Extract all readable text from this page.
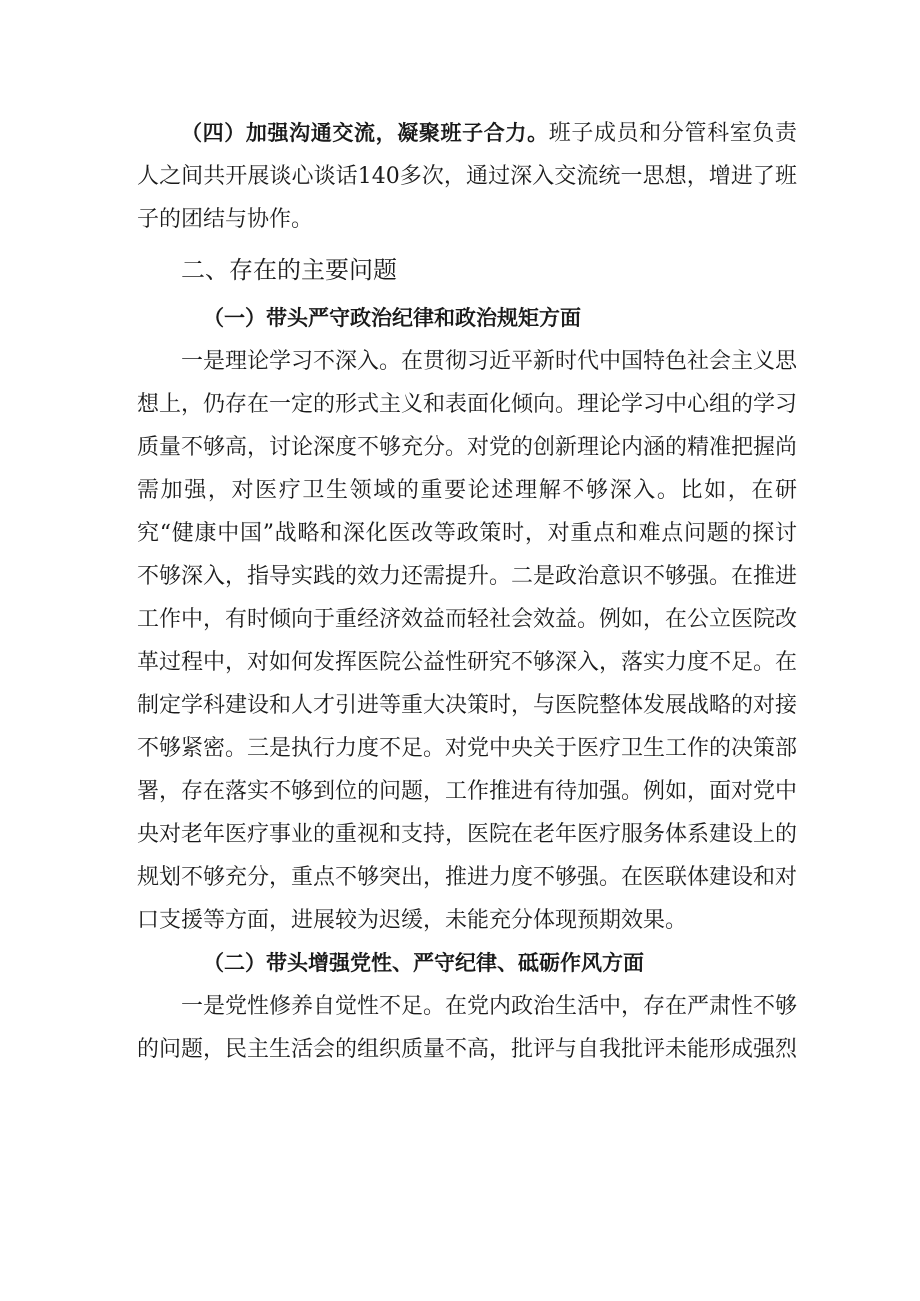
（四）加强沟通交流，凝聚班子合力。班子成员和分管科室负责人之间共开展谈心谈话140多次，通过深入交流统一思想，增进了班子的团结与协作。

二、存在的主要问题

（一）带头严守政治纪律和政治规矩方面

一是理论学习不深入。在贯彻习近平新时代中国特色社会主义思想上，仍存在一定的形式主义和表面化倾向。理论学习中心组的学习质量不够高，讨论深度不够充分。对党的创新理论内涵的精准把握尚需加强，对医疗卫生领域的重要论述理解不够深入。比如，在研究“健康中国”战略和深化医改等政策时，对重点和难点问题的探讨不够深入，指导实践的效力还需提升。二是政治意识不够强。在推进工作中，有时倾向于重经济效益而轻社会效益。例如，在公立医院改革过程中，对如何发挥医院公益性研究不够深入，落实力度不足。在制定学科建设和人才引进等重大决策时，与医院整体发展战略的对接不够紧密。三是执行力度不足。对党中央关于医疗卫生工作的决策部署，存在落实不够到位的问题，工作推进有待加强。例如，面对党中央对老年医疗事业的重视和支持，医院在老年医疗服务体系建设上的规划不够充分，重点不够突出，推进力度不够强。在医联体建设和对口支援等方面，进展较为迟缓，未能充分体现预期效果。

（二）带头增强党性、严守纪律、砥砺作风方面

一是党性修养自觉性不足。在党内政治生活中，存在严肃性不够的问题，民主生活会的组织质量不高，批评与自我批评未能形成强烈
